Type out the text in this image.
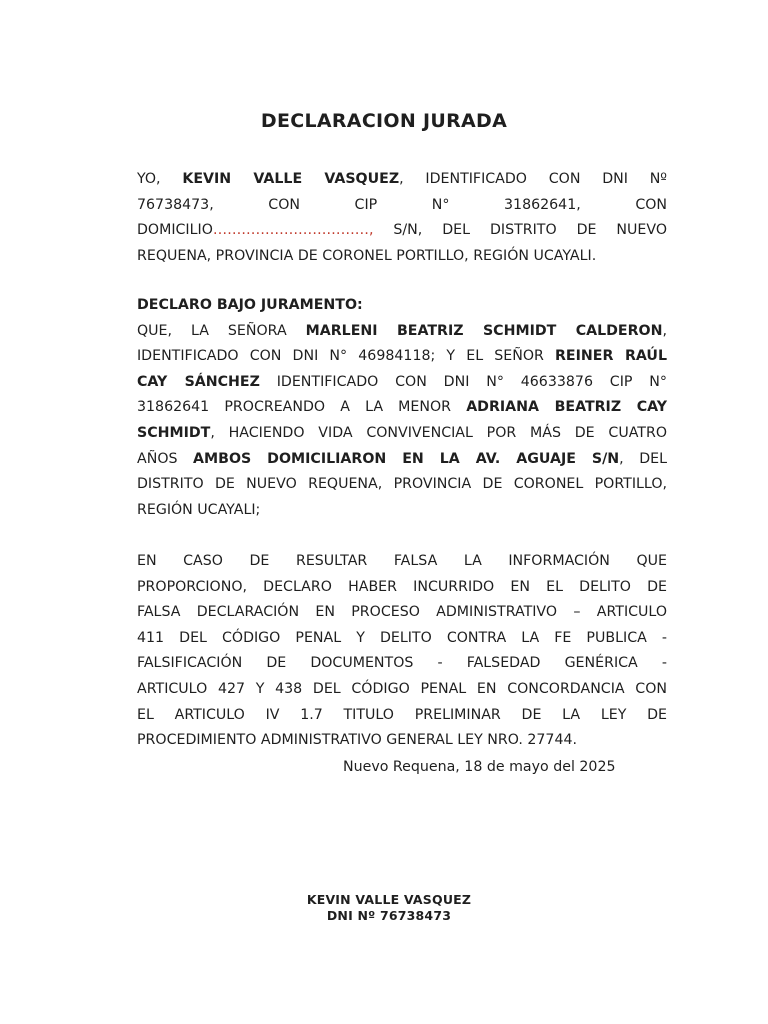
DECLARACION JURADA
YO, KEVIN VALLE VASQUEZ, IDENTIFICADO CON DNI Nº
76738473, CON CIP N° 31862641, CON
DOMICILIO……………………………, S/N, DEL DISTRITO DE NUEVO
REQUENA, PROVINCIA DE CORONEL PORTILLO, REGIÓN UCAYALI.
DECLARO BAJO JURAMENTO:
QUE, LA SEÑORA MARLENI BEATRIZ SCHMIDT CALDERON,
IDENTIFICADO CON DNI N° 46984118; Y EL SEÑOR REINER RAÚL
CAY SÁNCHEZ IDENTIFICADO CON DNI N° 46633876 CIP N°
31862641 PROCREANDO A LA MENOR ADRIANA BEATRIZ CAY
SCHMIDT, HACIENDO VIDA CONVIVENCIAL POR MÁS DE CUATRO
AÑOS AMBOS DOMICILIARON EN LA AV. AGUAJE S/N, DEL
DISTRITO DE NUEVO REQUENA, PROVINCIA DE CORONEL PORTILLO,
REGIÓN UCAYALI;
EN CASO DE RESULTAR FALSA LA INFORMACIÓN QUE
PROPORCIONO, DECLARO HABER INCURRIDO EN EL DELITO DE
FALSA DECLARACIÓN EN PROCESO ADMINISTRATIVO – ARTICULO
411 DEL CÓDIGO PENAL Y DELITO CONTRA LA FE PUBLICA -
FALSIFICACIÓN DE DOCUMENTOS - FALSEDAD GENÉRICA -
ARTICULO 427 Y 438 DEL CÓDIGO PENAL EN CONCORDANCIA CON
EL ARTICULO IV 1.7 TITULO PRELIMINAR DE LA LEY DE
PROCEDIMIENTO ADMINISTRATIVO GENERAL LEY NRO. 27744.
Nuevo Requena, 18 de mayo del 2025
KEVIN VALLE VASQUEZ
DNI Nº 76738473
